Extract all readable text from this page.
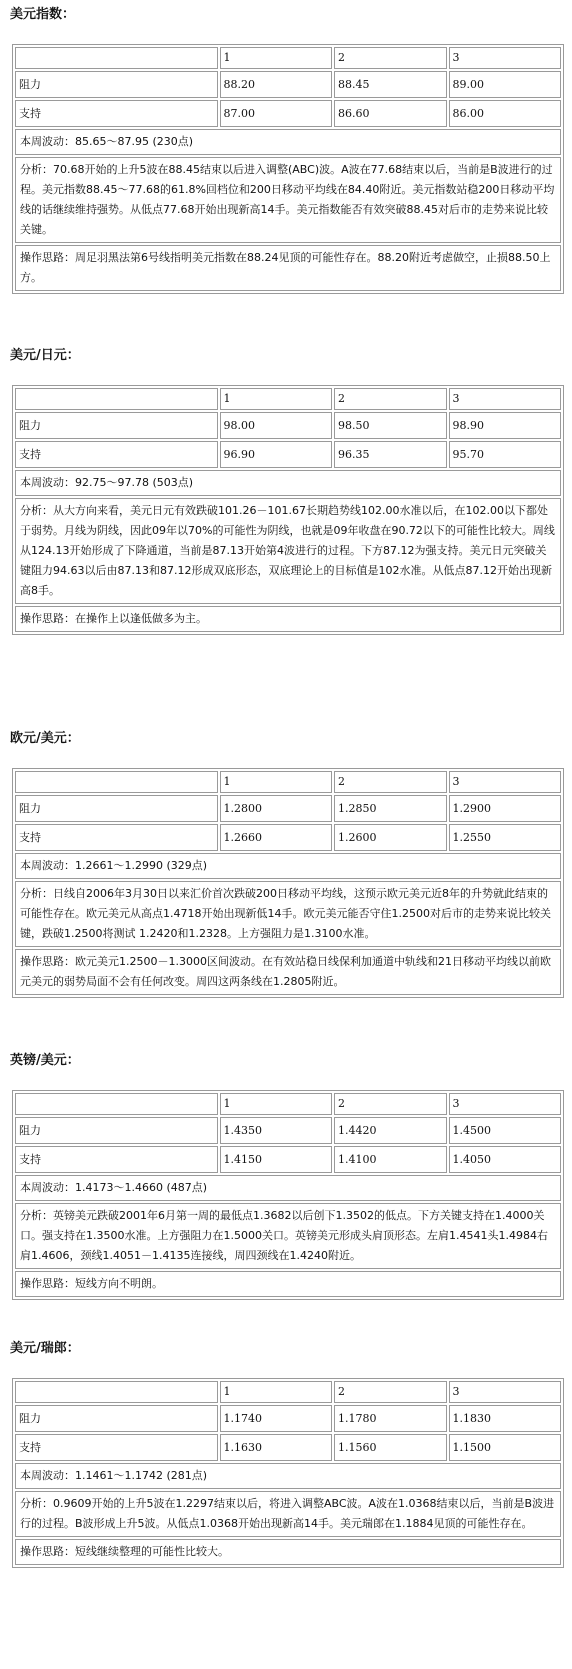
美元指数：
	1	2	3
阻力	88.20	88.45	89.00
支持	87.00	86.60	86.00
本周波动：85.65～87.95 (230点)			
分析：70.68开始的上升5波在88.45结束以后进入调整(ABC)波。A波在77.68结束以后，当前是B波进行的过程。美元指数88.45～77.68的61.8%回档位和200日移动平均线在84.40附近。美元指数站稳200日移动平均线的话继续维持强势。从低点77.68开始出现新高14手。美元指数能否有效突破88.45对后市的走势来说比较关键。			
操作思路：周足羽黑法第6号线指明美元指数在88.24见顶的可能性存在。88.20附近考虑做空，止损88.50上方。			
美元/日元：
	1	2	3
阻力	98.00	98.50	98.90
支持	96.90	96.35	95.70
本周波动：92.75～97.78 (503点)			
分析：从大方向来看，美元日元有效跌破101.26－101.67长期趋势线102.00水准以后，在102.00以下都处于弱势。月线为阴线，因此09年以70%的可能性为阴线，也就是09年收盘在90.72以下的可能性比较大。周线从124.13开始形成了下降通道，当前是87.13开始第4波进行的过程。下方87.12为强支持。美元日元突破关键阻力94.63以后由87.13和87.12形成双底形态，双底理论上的目标值是102水准。从低点87.12开始出现新高8手。			
操作思路：在操作上以逢低做多为主。			
欧元/美元：
	1	2	3
阻力	1.2800	1.2850	1.2900
支持	1.2660	1.2600	1.2550
本周波动：1.2661～1.2990 (329点)			
分析：日线自2006年3月30日以来汇价首次跌破200日移动平均线，这预示欧元美元近8年的升势就此结束的可能性存在。欧元美元从高点1.4718开始出现新低14手。欧元美元能否守住1.2500对后市的走势来说比较关键，跌破1.2500将测试 1.2420和1.2328。上方强阻力是1.3100水准。			
操作思路：欧元美元1.2500－1.3000区间波动。在有效站稳日线保利加通道中轨线和21日移动平均线以前欧元美元的弱势局面不会有任何改变。周四这两条线在1.2805附近。			
英镑/美元：
	1	2	3
阻力	1.4350	1.4420	1.4500
支持	1.4150	1.4100	1.4050
本周波动：1.4173～1.4660 (487点)			
分析：英镑美元跌破2001年6月第一周的最低点1.3682以后创下1.3502的低点。下方关键支持在1.4000关口。强支持在1.3500水准。上方强阻力在1.5000关口。英镑美元形成头肩顶形态。左肩1.4541头1.4984右肩1.4606，颈线1.4051－1.4135连接线，周四颈线在1.4240附近。			
操作思路：短线方向不明朗。			
美元/瑞郎：
	1	2	3
阻力	1.1740	1.1780	1.1830
支持	1.1630	1.1560	1.1500
本周波动：1.1461～1.1742 (281点)			
分析：0.9609开始的上升5波在1.2297结束以后，将进入调整ABC波。A波在1.0368结束以后，当前是B波进行的过程。B波形成上升5波。从低点1.0368开始出现新高14手。美元瑞郎在1.1884见顶的可能性存在。			
操作思路：短线继续整理的可能性比较大。			
